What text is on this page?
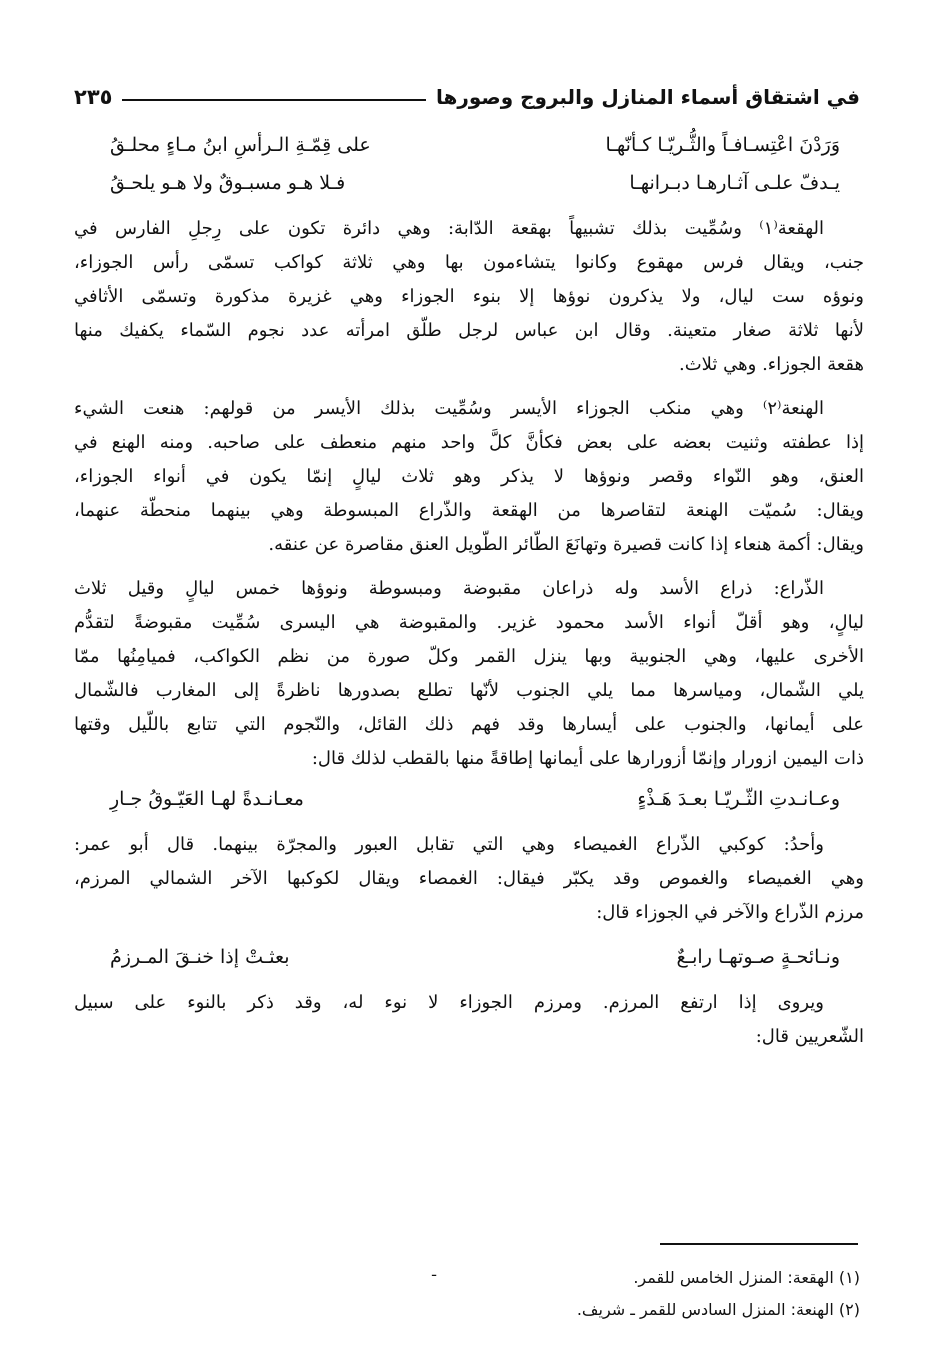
في اشتقاق أسماء المنازل والبروج وصورها
٢٣٥
وَرَدْنَ اعْتِسـافـاً والثُّـريّـا كـأنّهـا
على قِمّـةِ الـرأسِ ابنُ مـاءٍ محلـقُ
يـدفّ علـى آثـارهـا دبـرانهـا
فـلا هـو مسبـوقٌ ولا هـو يلحـقُ
الهقعة⁽١⁾ وسُمِّيت بذلك تشبيهاً بهقعة الدّابة: وهي دائرة تكون على رِجلِ الفارس في
جنب، ويقال فرس مهقوع وكانوا يتشاءمون بها وهي ثلاثة كواكب تسمّى رأس الجوزاء،
ونوؤه ست ليال، ولا يذكرون نوؤها إلا بنوء الجوزاء وهي غزيرة مذكورة وتسمّى الأثافي
لأنها ثلاثة صغار متعينة. وقال ابن عباس لرجل طلّق امرأته عدد نجوم السّماء يكفيك منها
هقعة الجوزاء. وهي ثلاث.
الهنعة⁽٢⁾ وهي منكب الجوزاء الأيسر وسُمِّيت بذلك الأيسر من قولهم: هنعت الشيء
إذا عطفته وثنيت بعضه على بعض فكأنَّ كلَّ واحد منهم منعطف على صاحبه. ومنه الهنع في
العنق، وهو النّواء وقصر ونوؤها لا يذكر وهو ثلاث ليالٍ إنمّا يكون في أنواء الجوزاء،
ويقال: سُميّت الهنعة لتقاصرها من الهقعة والذّراع المبسوطة وهي بينهما منحطّة عنهما،
ويقال: أكمة هنعاء إذا كانت قصيرة وتهانَعَ الطّائر الطّويل العنق مقاصرة عن عنقه.
الذّراع: ذراع الأسد وله ذراعان مقبوضة ومبسوطة ونوؤها خمس ليالٍ وقيل ثلاث
ليالٍ، وهو أقلّ أنواء الأسد محمود غزير. والمقبوضة هي اليسرى سُمِّيت مقبوضةً لتقدُّم
الأخرى عليها، وهي الجنوبية وبها ينزل القمر وكلّ صورة من نظم الكواكب، فميامِنُها ممّا
يلي الشّمال، ومياسرها مما يلي الجنوب لأنّها تطلع بصدورها ناظرةً إلى المغارب فالشّمال
على أيمانها، والجنوب على أيسارها وقد فهم ذلك القائل، والنّجوم التي تتابع باللّيل وقتها
ذات اليمين ازورار وإنمّا أزورارها على أيمانها إطاقةً منها بالقطب لذلك قال:
وعـانـدتِ الثّـريّـا بعـدَ هَـذْءٍ
معـانـدةً لهـا العَيّـوقُ جـارِ
وأحدُ: كوكبي الذّراع الغميصاء وهي التي تقابل العبور والمجرّة بينهما. قال أبو عمر:
وهي الغميصاء والغموص وقد يكبّر فيقال: الغمصاء ويقال لكوكبها الآخر الشمالي المرزم،
مرزم الذّراع والآخر في الجوزاء قال:
ونـائحـةٍ صـوتهـا رابـعٌ
بعثـتْ إذا خنـقَ المـرزمُ
ويروى إذا ارتفع المرزم. ومرزم الجوزاء لا نوء له، وقد ذكر بالنوء على سبيل
الشّعريين قال:
ـ	(١) الهقعة: المنزل الخامس للقمر.
(٢) الهنعة: المنزل السادس للقمر ـ شريف.
